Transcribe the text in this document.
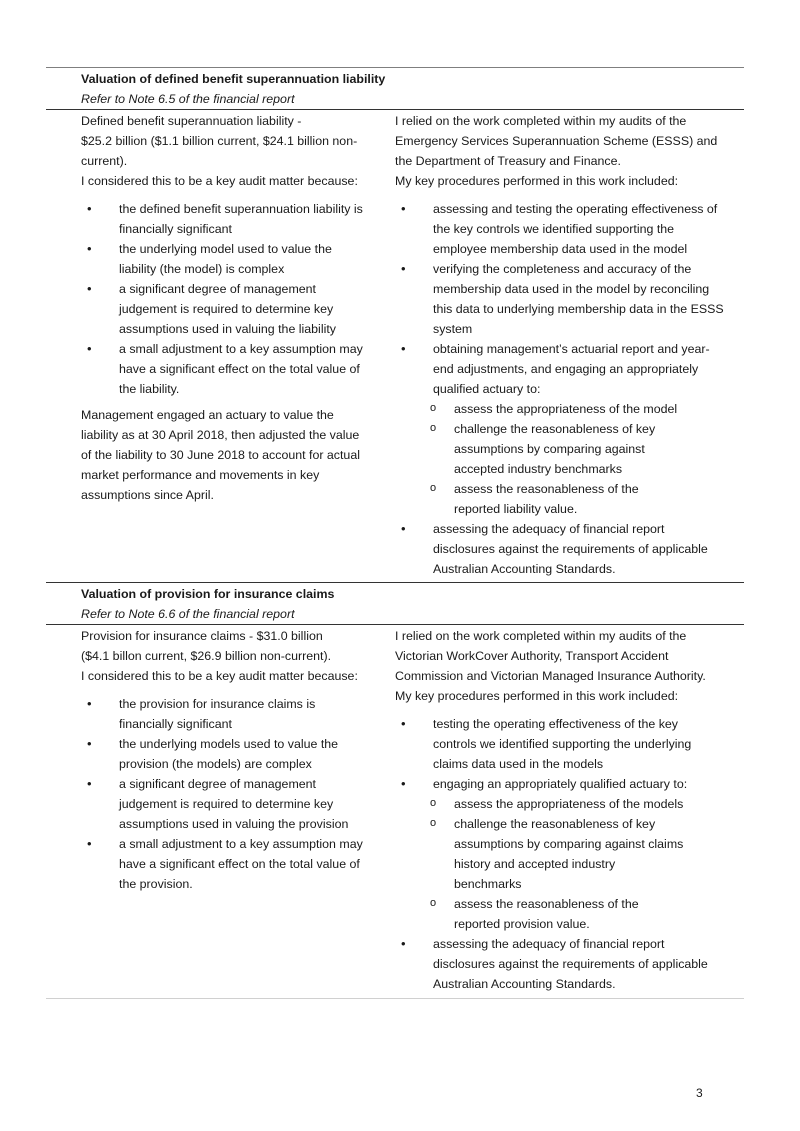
Valuation of defined benefit superannuation liability
Refer to Note 6.5 of the financial report

Defined benefit superannuation liability -

$25.2 billion ($1.1 billion current, $24.1 billion non-

current).

I considered this to be a key audit matter because:

• the defined benefit superannuation liability is
financially significant
• the underlying model used to value the
liability (the model) is complex
• a significant degree of management
judgement is required to determine key
assumptions used in valuing the liability
• a small adjustment to a key assumption may
have a significant effect on the total value of
the liability.

Management engaged an actuary to value the

liability as at 30 April 2018, then adjusted the value

of the liability to 30 June 2018 to account for actual

market performance and movements in key

assumptions since April.

I relied on the work completed within my audits of the

Emergency Services Superannuation Scheme (ESSS) and

the Department of Treasury and Finance.

My key procedures performed in this work included:

• assessing and testing the operating effectiveness of
the key controls we identified supporting the
employee membership data used in the model
• verifying the completeness and accuracy of the
membership data used in the model by reconciling
this data to underlying membership data in the ESSS
system
• obtaining management’s actuarial report and year-
end adjustments, and engaging an appropriately
qualified actuary to:
o assess the appropriateness of the model
o challenge the reasonableness of key
assumptions by comparing against
accepted industry benchmarks
o assess the reasonableness of the
reported liability value.
• assessing the adequacy of financial report
disclosures against the requirements of applicable
Australian Accounting Standards.
Valuation of provision for insurance claims
Refer to Note 6.6 of the financial report

Provision for insurance claims - $31.0 billion

($4.1 billon current, $26.9 billion non-current).

I considered this to be a key audit matter because:

• the provision for insurance claims is
financially significant
• the underlying models used to value the
provision (the models) are complex
• a significant degree of management
judgement is required to determine key
assumptions used in valuing the provision
• a small adjustment to a key assumption may
have a significant effect on the total value of
the provision.

I relied on the work completed within my audits of the

Victorian WorkCover Authority, Transport Accident

Commission and Victorian Managed Insurance Authority.

My key procedures performed in this work included:

• testing the operating effectiveness of the key
controls we identified supporting the underlying
claims data used in the models
• engaging an appropriately qualified actuary to:
o assess the appropriateness of the models
o challenge the reasonableness of key
assumptions by comparing against claims
history and accepted industry
benchmarks
o assess the reasonableness of the
reported provision value.
• assessing the adequacy of financial report
disclosures against the requirements of applicable
Australian Accounting Standards.
3
